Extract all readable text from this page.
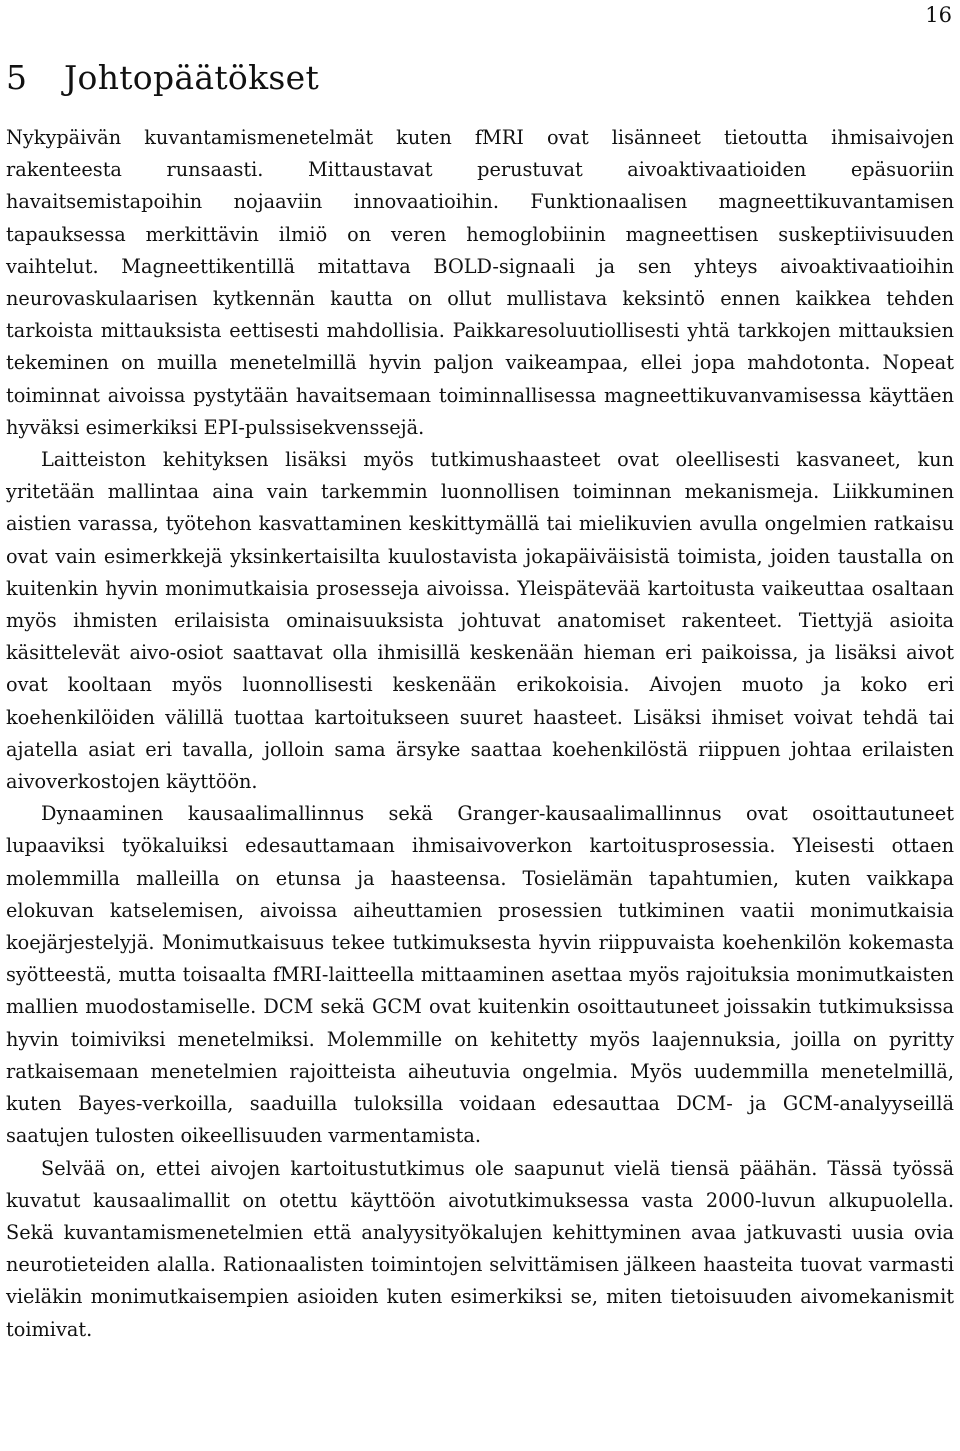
16
5 Johtopäätökset

Nykypäivän kuvantamismenetelmät kuten fMRI ovat lisänneet tietoutta ihmisaivojen rakenteesta runsaasti. Mittaustavat perustuvat aivoaktivaatioiden epäsuoriin havaitsemistapoihin nojaaviin innovaatioihin. Funktionaalisen magneettikuvantamisen tapauksessa merkittävin ilmiö on veren hemoglobiinin magneettisen suskeptiivisuuden vaihtelut. Magneettikentillä mitattava BOLD-signaali ja sen yhteys aivoaktivaatioihin neurovaskulaarisen kytkennän kautta on ollut mullistava keksintö ennen kaikkea tehden tarkoista mittauksista eettisesti mahdollisia. Paikkaresoluutiollisesti yhtä tarkkojen mittauksien tekeminen on muilla menetelmillä hyvin paljon vaikeampaa, ellei jopa mahdotonta. Nopeat toiminnat aivoissa pystytään havaitsemaan toiminnallisessa magneettikuvanvamisessa käyttäen hyväksi esimerkiksi EPI-pulssisekvenssejä.

Laitteiston kehityksen lisäksi myös tutkimushaasteet ovat oleellisesti kasvaneet, kun yritetään mallintaa aina vain tarkemmin luonnollisen toiminnan mekanismeja. Liikkuminen aistien varassa, työtehon kasvattaminen keskittymällä tai mielikuvien avulla ongelmien ratkaisu ovat vain esimerkkejä yksinkertaisilta kuulostavista jokapäiväisistä toimista, joiden taustalla on kuitenkin hyvin monimutkaisia prosesseja aivoissa. Yleispätevää kartoitusta vaikeuttaa osaltaan myös ihmisten erilaisista ominaisuuksista johtuvat anatomiset rakenteet. Tiettyjä asioita käsittelevät aivo-osiot saattavat olla ihmisillä keskenään hieman eri paikoissa, ja lisäksi aivot ovat kooltaan myös luonnollisesti keskenään erikokoisia. Aivojen muoto ja koko eri koehenkilöiden välillä tuottaa kartoitukseen suuret haasteet. Lisäksi ihmiset voivat tehdä tai ajatella asiat eri tavalla, jolloin sama ärsyke saattaa koehenkilöstä riippuen johtaa erilaisten aivoverkostojen käyttöön.

Dynaaminen kausaalimallinnus sekä Granger-kausaalimallinnus ovat osoittautuneet lupaaviksi työkaluiksi edesauttamaan ihmisaivoverkon kartoitusprosessia. Yleisesti ottaen molemmilla malleilla on etunsa ja haasteensa. Tosielämän tapahtumien, kuten vaikkapa elokuvan katselemisen, aivoissa aiheuttamien prosessien tutkiminen vaatii monimutkaisia koejärjestelyjä. Monimutkaisuus tekee tutkimuksesta hyvin riippuvaista koehenkilön kokemasta syötteestä, mutta toisaalta fMRI-laitteella mittaaminen asettaa myös rajoituksia monimutkaisten mallien muodostamiselle. DCM sekä GCM ovat kuitenkin osoittautuneet joissakin tutkimuksissa hyvin toimiviksi menetelmiksi. Molemmille on kehitetty myös laajennuksia, joilla on pyritty ratkaisemaan menetelmien rajoitteista aiheutuvia ongelmia. Myös uudemmilla menetelmillä, kuten Bayes-verkoilla, saaduilla tuloksilla voidaan edesauttaa DCM- ja GCM-analyyseillä saatujen tulosten oikeellisuuden varmentamista.

Selvää on, ettei aivojen kartoitustutkimus ole saapunut vielä tiensä päähän. Tässä työssä kuvatut kausaalimallit on otettu käyttöön aivotutkimuksessa vasta 2000-luvun alkupuolella. Sekä kuvantamismenetelmien että analyysityökalujen kehittyminen avaa jatkuvasti uusia ovia neurotieteiden alalla. Rationaalisten toimintojen selvittämisen jälkeen haasteita tuovat varmasti vieläkin monimutkaisempien asioiden kuten esimerkiksi se, miten tietoisuuden aivomekanismit toimivat.
